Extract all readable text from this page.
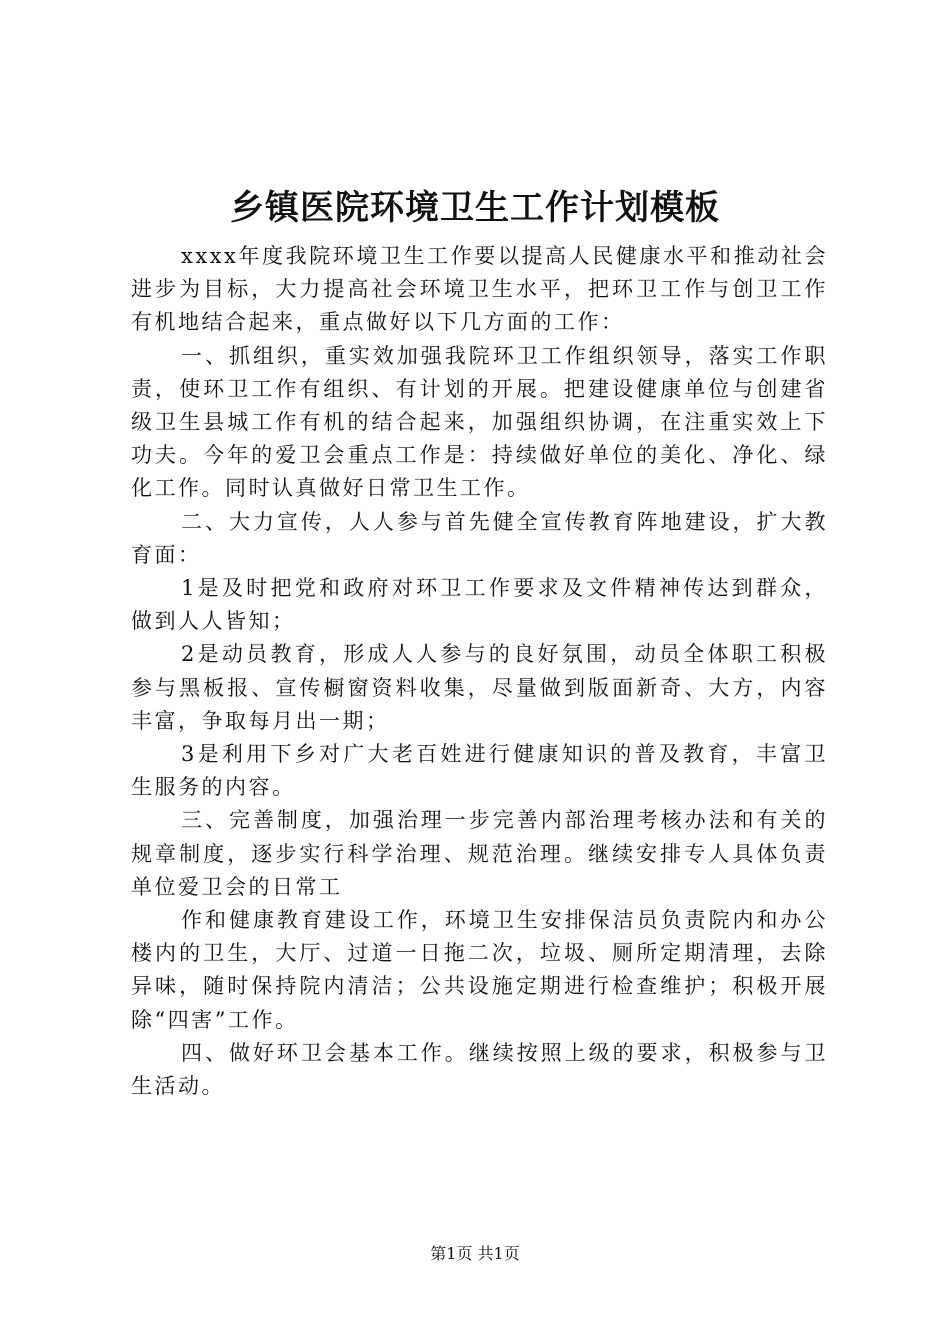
乡镇医院环境卫生工作计划模板

xxxx年度我院环境卫生工作要以提高人民健康水平和推动社会进步为目标，大力提高社会环境卫生水平，把环卫工作与创卫工作有机地结合起来，重点做好以下几方面的工作：

一、抓组织，重实效加强我院环卫工作组织领导，落实工作职责，使环卫工作有组织、有计划的开展。把建设健康单位与创建省级卫生县城工作有机的结合起来，加强组织协调，在注重实效上下功夫。今年的爱卫会重点工作是：持续做好单位的美化、净化、绿化工作。同时认真做好日常卫生工作。

二、大力宣传，人人参与首先健全宣传教育阵地建设，扩大教育面：

1是及时把党和政府对环卫工作要求及文件精神传达到群众，做到人人皆知；

2是动员教育，形成人人参与的良好氛围，动员全体职工积极参与黑板报、宣传橱窗资料收集，尽量做到版面新奇、大方，内容丰富，争取每月出一期；

3是利用下乡对广大老百姓进行健康知识的普及教育，丰富卫生服务的内容。

三、完善制度，加强治理一步完善内部治理考核办法和有关的规章制度，逐步实行科学治理、规范治理。继续安排专人具体负责单位爱卫会的日常工

作和健康教育建设工作，环境卫生安排保洁员负责院内和办公楼内的卫生，大厅、过道一日拖二次，垃圾、厕所定期清理，去除异味，随时保持院内清洁；公共设施定期进行检查维护；积极开展除“四害”工作。

四、做好环卫会基本工作。继续按照上级的要求，积极参与卫生活动。

第1页 共1页
